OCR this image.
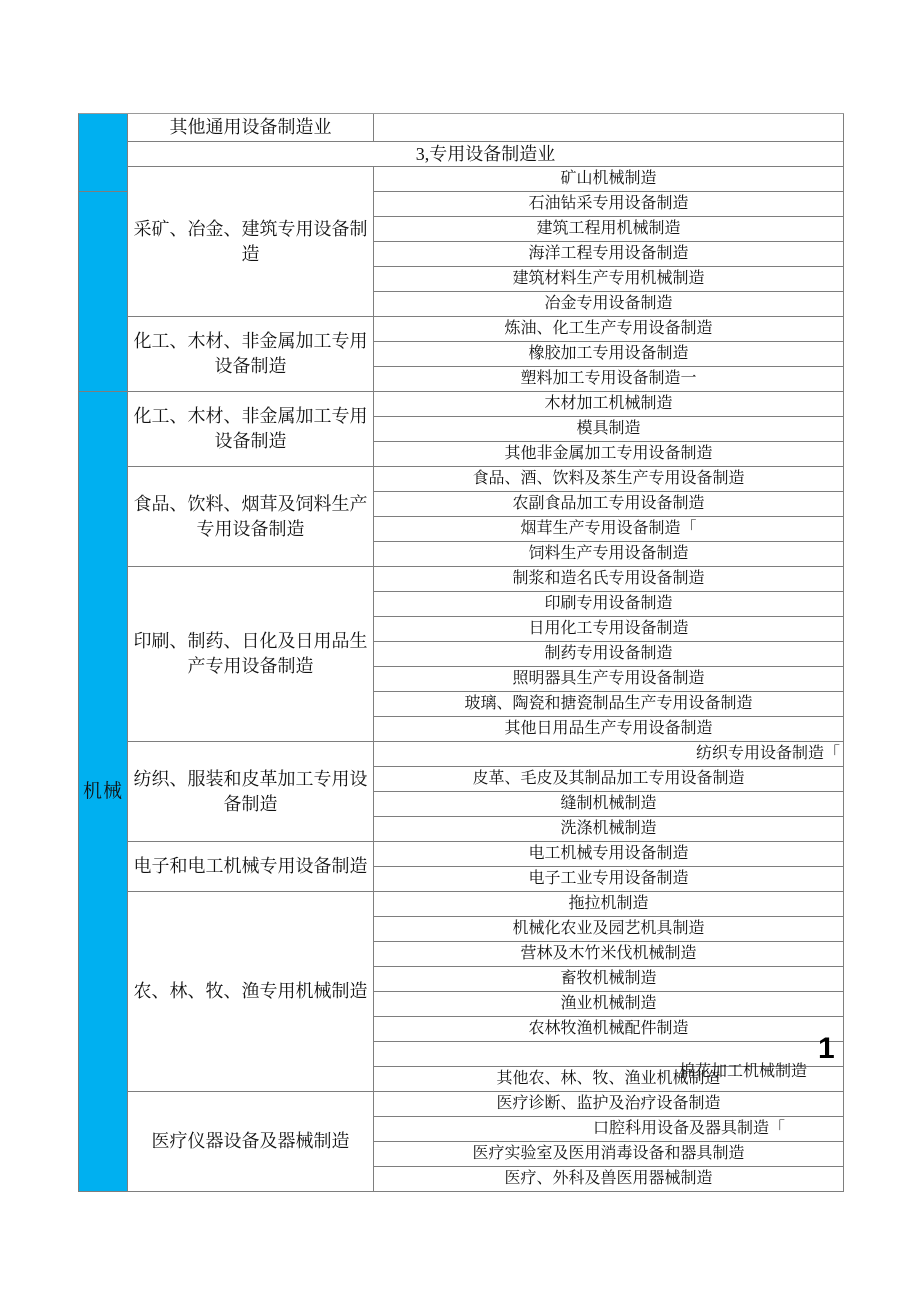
医疗、外科及兽医用器械制造
医疗实验室及医用消毒设备和器具制造
口腔科用设备及器具制造「
医疗诊断、监护及治疗设备制造
医疗仪器设备及器械制造
其他农、林、牧、渔业机械制造
棉花加工机械制造
农林牧渔机械配件制造
渔业机械制造
畜牧机械制造
营林及木竹米伐机械制造
机械化农业及园艺机具制造
拖拉机制造
农、林、牧、渔专用机械制造
电子工业专用设备制造
电工机械专用设备制造
电子和电工机械专用设备制造
洗涤机械制造
缝制机械制造
皮革、毛皮及其制品加工专用设备制造
纺织专用设备制造「
纺织、服装和皮革加工专用设备制造
其他日用品生产专用设备制造
玻璃、陶瓷和搪瓷制品生产专用设备制造
照明器具生产专用设备制造
制药专用设备制造
日用化工专用设备制造
印刷专用设备制造
制浆和造名氏专用设备制造
印刷、制药、日化及日用品生产专用设备制造
饲料生产专用设备制造
烟茸生产专用设备制造「
农副食品加工专用设备制造
食品、酒、饮料及茶生产专用设备制造
食品、饮料、烟茸及饲料生产专用设备制造
其他非金属加工专用设备制造
模具制造
木材加工机械制造
化工、木材、非金属加工专用设备制造
塑料加工专用设备制造一
橡胶加工专用设备制造
炼油、化工生产专用设备制造
化工、木材、非金属加工专用设备制造
冶金专用设备制造
建筑材料生产专用机械制造
海洋工程专用设备制造
建筑工程用机械制造
石油钻采专用设备制造
矿山机械制造
采矿、冶金、建筑专用设备制造
3,专用设备制造业
其他通用设备制造业
机械
1
